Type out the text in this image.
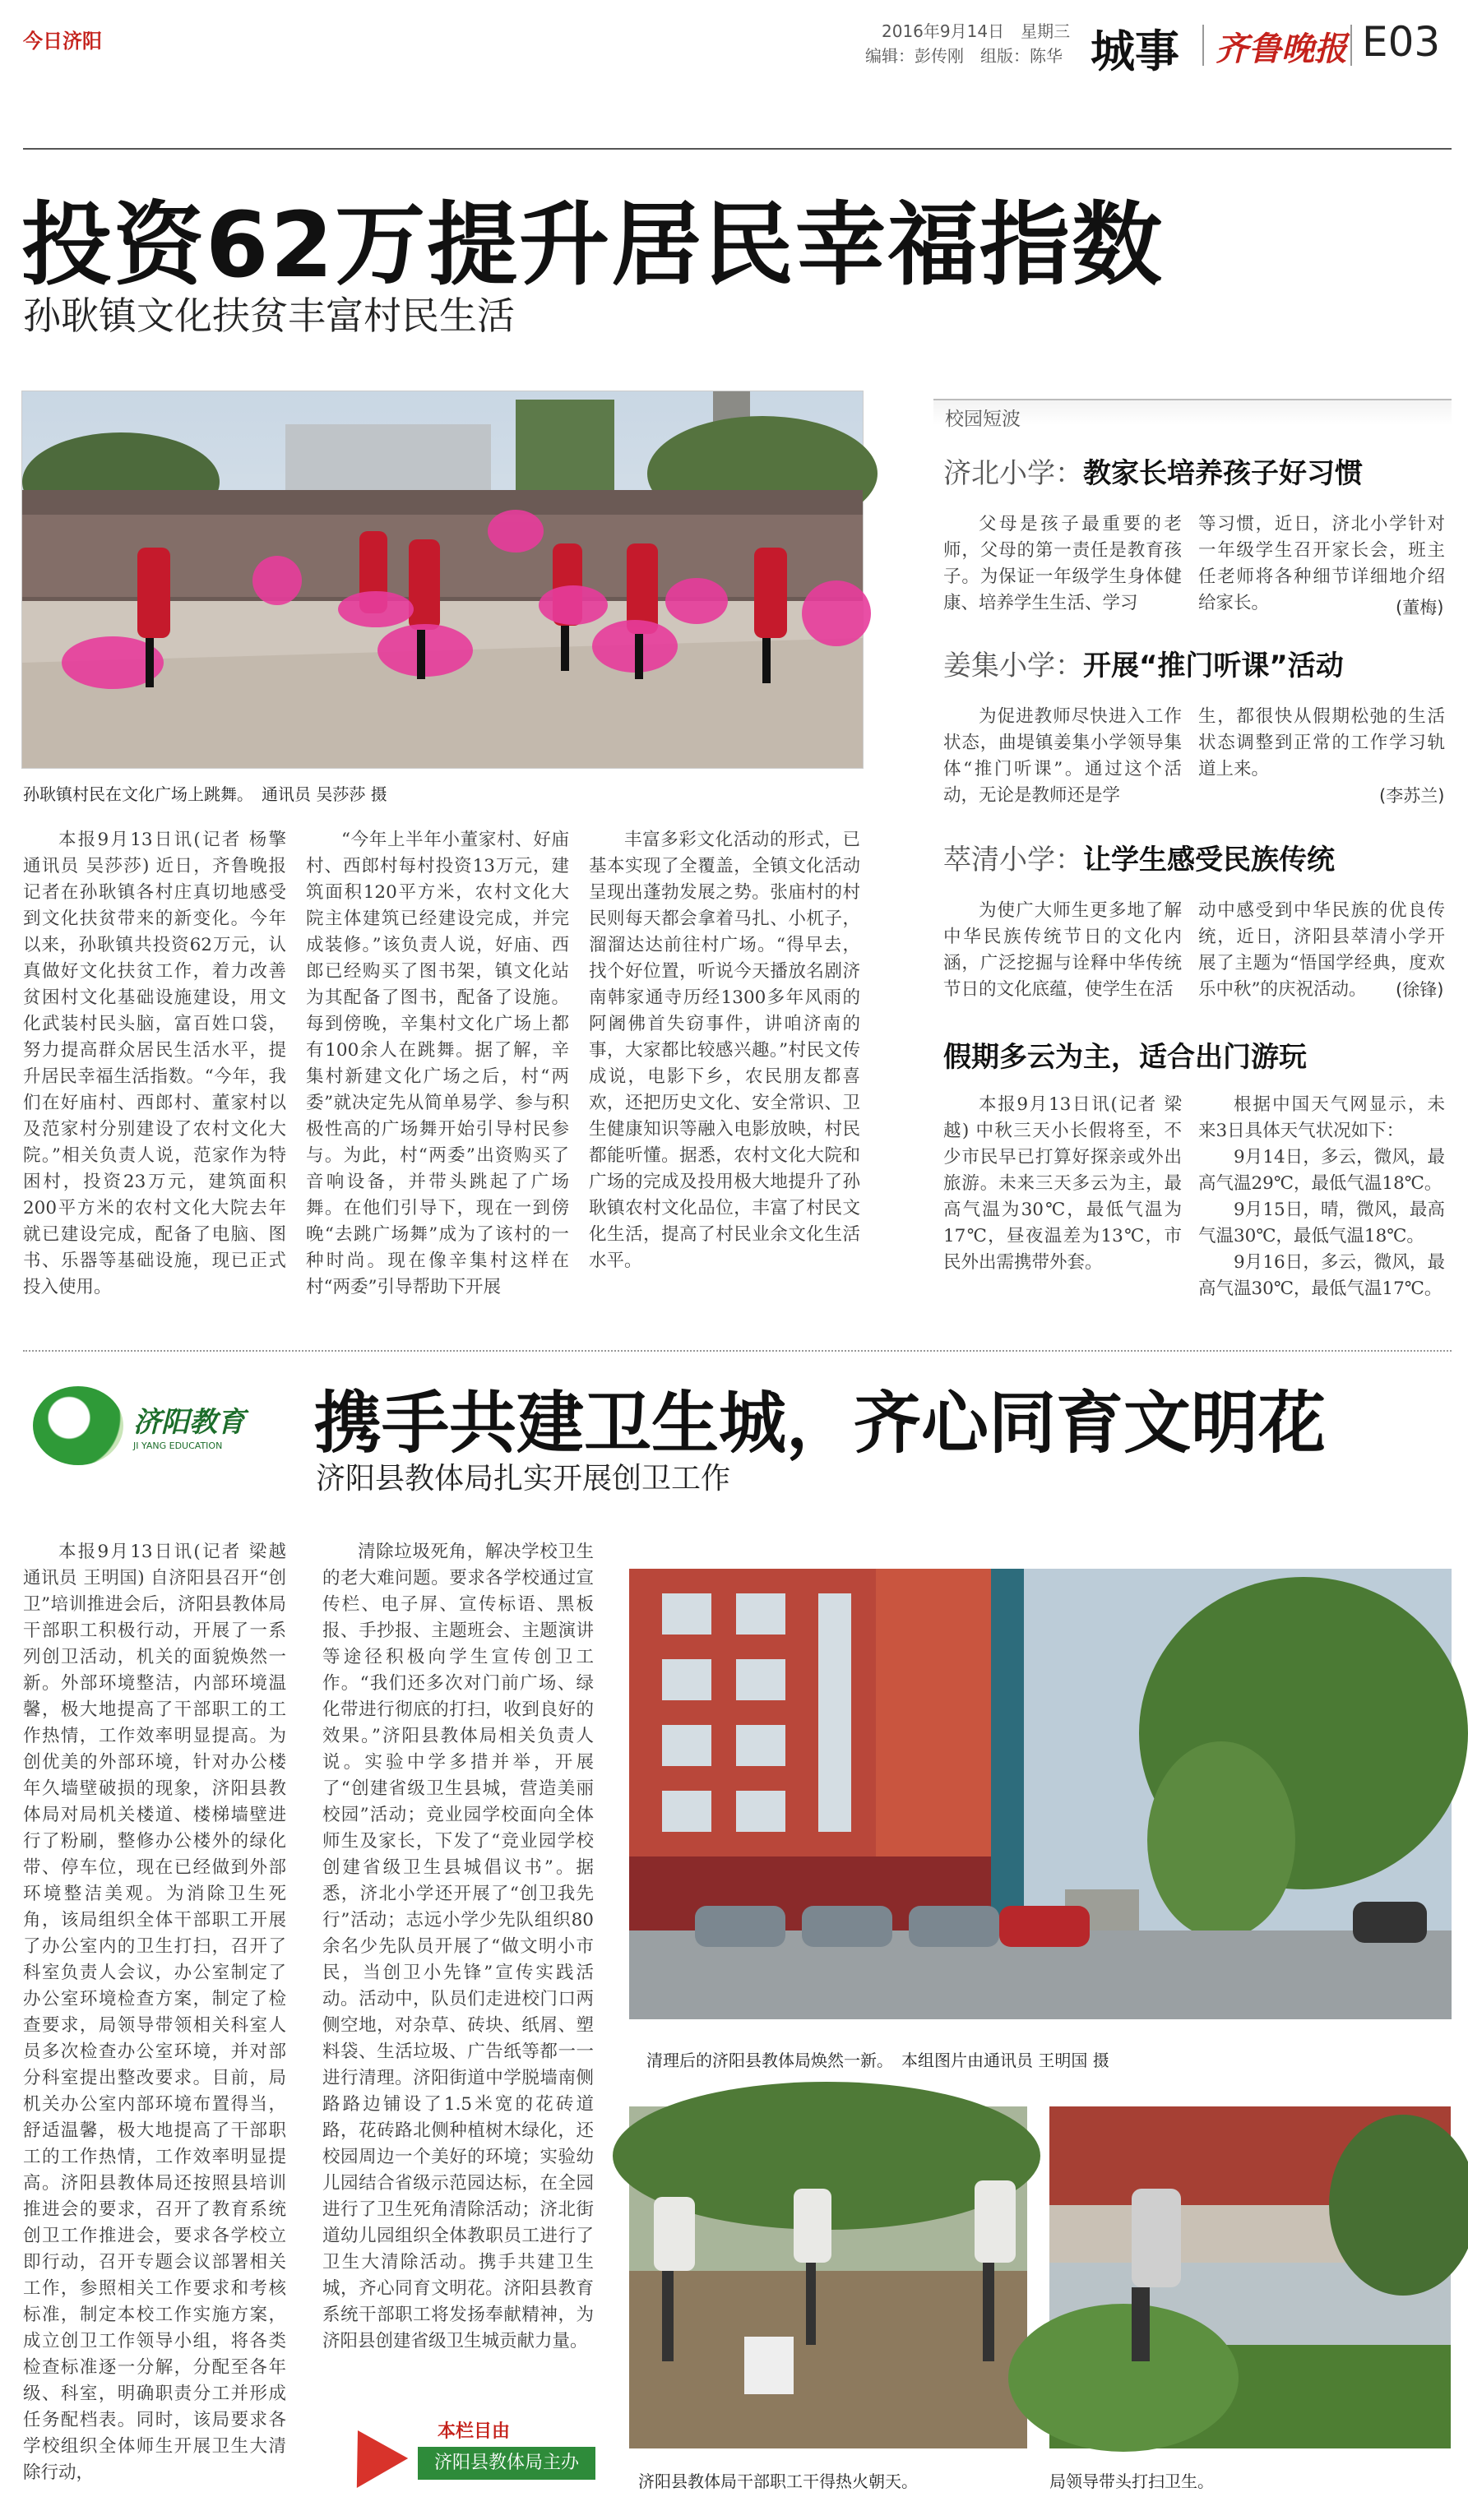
今日济阳	2016年9月14日　星期三
编辑：彭传刚　组版：陈华 城事 齐鲁晚报 E03
投资62万提升居民幸福指数
孙耿镇文化扶贫丰富村民生活
孙耿镇村民在文化广场上跳舞。　通讯员 吴莎莎 摄

本报9月13日讯(记者 杨擎 通讯员 吴莎莎) 近日，齐鲁晚报记者在孙耿镇各村庄真切地感受到文化扶贫带来的新变化。今年以来，孙耿镇共投资62万元，认真做好文化扶贫工作，着力改善贫困村文化基础设施建设，用文化武装村民头脑，富百姓口袋，努力提高群众居民生活水平，提升居民幸福生活指数。“今年，我们在好庙村、西郎村、董家村以及范家村分别建设了农村文化大院。”相关负责人说，范家作为特困村，投资23万元，建筑面积200平方米的农村文化大院去年就已建设完成，配备了电脑、图书、乐器等基础设施，现已正式投入使用。

“今年上半年小董家村、好庙村、西郎村每村投资13万元，建筑面积120平方米，农村文化大院主体建筑已经建设完成，并完成装修。”该负责人说，好庙、西郎已经购买了图书架，镇文化站为其配备了图书，配备了设施。每到傍晚，辛集村文化广场上都有100余人在跳舞。据了解，辛集村新建文化广场之后，村“两委”就决定先从简单易学、参与积极性高的广场舞开始引导村民参与。为此，村“两委”出资购买了音响设备，并带头跳起了广场舞。在他们引导下，现在一到傍晚“去跳广场舞”成为了该村的一种时尚。现在像辛集村这样在村“两委”引导帮助下开展

丰富多彩文化活动的形式，已基本实现了全覆盖，全镇文化活动呈现出蓬勃发展之势。张庙村的村民则每天都会拿着马扎、小杌子，溜溜达达前往村广场。“得早去，找个好位置，听说今天播放名剧济南韩家通寺历经1300多年风雨的阿阇佛首失窃事件，讲咱济南的事，大家都比较感兴趣。”村民文传成说，电影下乡，农民朋友都喜欢，还把历史文化、安全常识、卫生健康知识等融入电影放映，村民都能听懂。据悉，农村文化大院和广场的完成及投用极大地提升了孙耿镇农村文化品位，丰富了村民文化生活，提高了村民业余文化生活水平。

校园短波
济北小学：教家长培养孩子好习惯

父母是孩子最重要的老师，父母的第一责任是教育孩子。为保证一年级学生身体健康、培养学生生活、学习

等习惯，近日，济北小学针对一年级学生召开家长会，班主任老师将各种细节详细地介绍给家长。	(董梅)
姜集小学：开展“推门听课”活动

为促进教师尽快进入工作状态，曲堤镇姜集小学领导集体“推门听课”。通过这个活动，无论是教师还是学

生，都很快从假期松弛的生活状态调整到正常的工作学习轨道上来。

(李苏兰)
萃清小学：让学生感受民族传统

为使广大师生更多地了解中华民族传统节日的文化内涵，广泛挖掘与诠释中华传统节日的文化底蕴，使学生在活

动中感受到中华民族的优良传统，近日，济阳县萃清小学开展了主题为“悟国学经典，度欢乐中秋”的庆祝活动。	(徐锋)
假期多云为主，适合出门游玩

本报9月13日讯(记者 梁越) 中秋三天小长假将至，不少市民早已打算好探亲或外出旅游。未来三天多云为主，最高气温为30℃，最低气温为17℃，昼夜温差为13℃，市民外出需携带外套。

根据中国天气网显示，未来3日具体天气状况如下：

9月14日，多云，微风，最高气温29℃，最低气温18℃。

9月15日，晴，微风，最高气温30℃，最低气温18℃。

9月16日，多云，微风，最高气温30℃，最低气温17℃。

济阳教育
JI YANG EDUCATION 携手共建卫生城，齐心同育文明花
济阳县教体局扎实开展创卫工作

本报9月13日讯(记者 梁越 通讯员 王明国) 自济阳县召开“创卫”培训推进会后，济阳县教体局干部职工积极行动，开展了一系列创卫活动，机关的面貌焕然一新。外部环境整洁，内部环境温馨，极大地提高了干部职工的工作热情，工作效率明显提高。为创优美的外部环境，针对办公楼年久墙壁破损的现象，济阳县教体局对局机关楼道、楼梯墙壁进行了粉刷，整修办公楼外的绿化带、停车位，现在已经做到外部环境整洁美观。为消除卫生死角，该局组织全体干部职工开展了办公室内的卫生打扫，召开了科室负责人会议，办公室制定了办公室环境检查方案，制定了检查要求，局领导带领相关科室人员多次检查办公室环境，并对部分科室提出整改要求。目前，局机关办公室内部环境布置得当，舒适温馨，极大地提高了干部职工的工作热情，工作效率明显提高。济阳县教体局还按照县培训推进会的要求，召开了教育系统创卫工作推进会，要求各学校立即行动，召开专题会议部署相关工作，参照相关工作要求和考核标准，制定本校工作实施方案，成立创卫工作领导小组，将各类检查标准逐一分解，分配至各年级、科室，明确职责分工并形成任务配档表。同时，该局要求各学校组织全体师生开展卫生大清除行动，

清除垃圾死角，解决学校卫生的老大难问题。要求各学校通过宣传栏、电子屏、宣传标语、黑板报、手抄报、主题班会、主题演讲等途径积极向学生宣传创卫工作。“我们还多次对门前广场、绿化带进行彻底的打扫，收到良好的效果。”济阳县教体局相关负责人说。实验中学多措并举，开展了“创建省级卫生县城，营造美丽校园”活动；竞业园学校面向全体师生及家长，下发了“竞业园学校创建省级卫生县城倡议书”。据悉，济北小学还开展了“创卫我先行”活动；志远小学少先队组织80余名少先队员开展了“做文明小市民，当创卫小先锋”宣传实践活动。活动中，队员们走进校门口两侧空地，对杂草、砖块、纸屑、塑料袋、生活垃圾、广告纸等都一一进行清理。济阳街道中学脱墙南侧路路边铺设了1.5米宽的花砖道路，花砖路北侧种植树木绿化，还校园周边一个美好的环境；实验幼儿园结合省级示范园达标，在全园进行了卫生死角清除活动；济北街道幼儿园组织全体教职员工进行了卫生大清除活动。携手共建卫生城，齐心同育文明花。济阳县教育系统干部职工将发扬奉献精神，为济阳县创建省级卫生城贡献力量。

清理后的济阳县教体局焕然一新。　本组图片由通讯员 王明国 摄
济阳县教体局干部职工干得热火朝天。	局领导带头打扫卫生。
本栏目由
济阳县教体局主办
